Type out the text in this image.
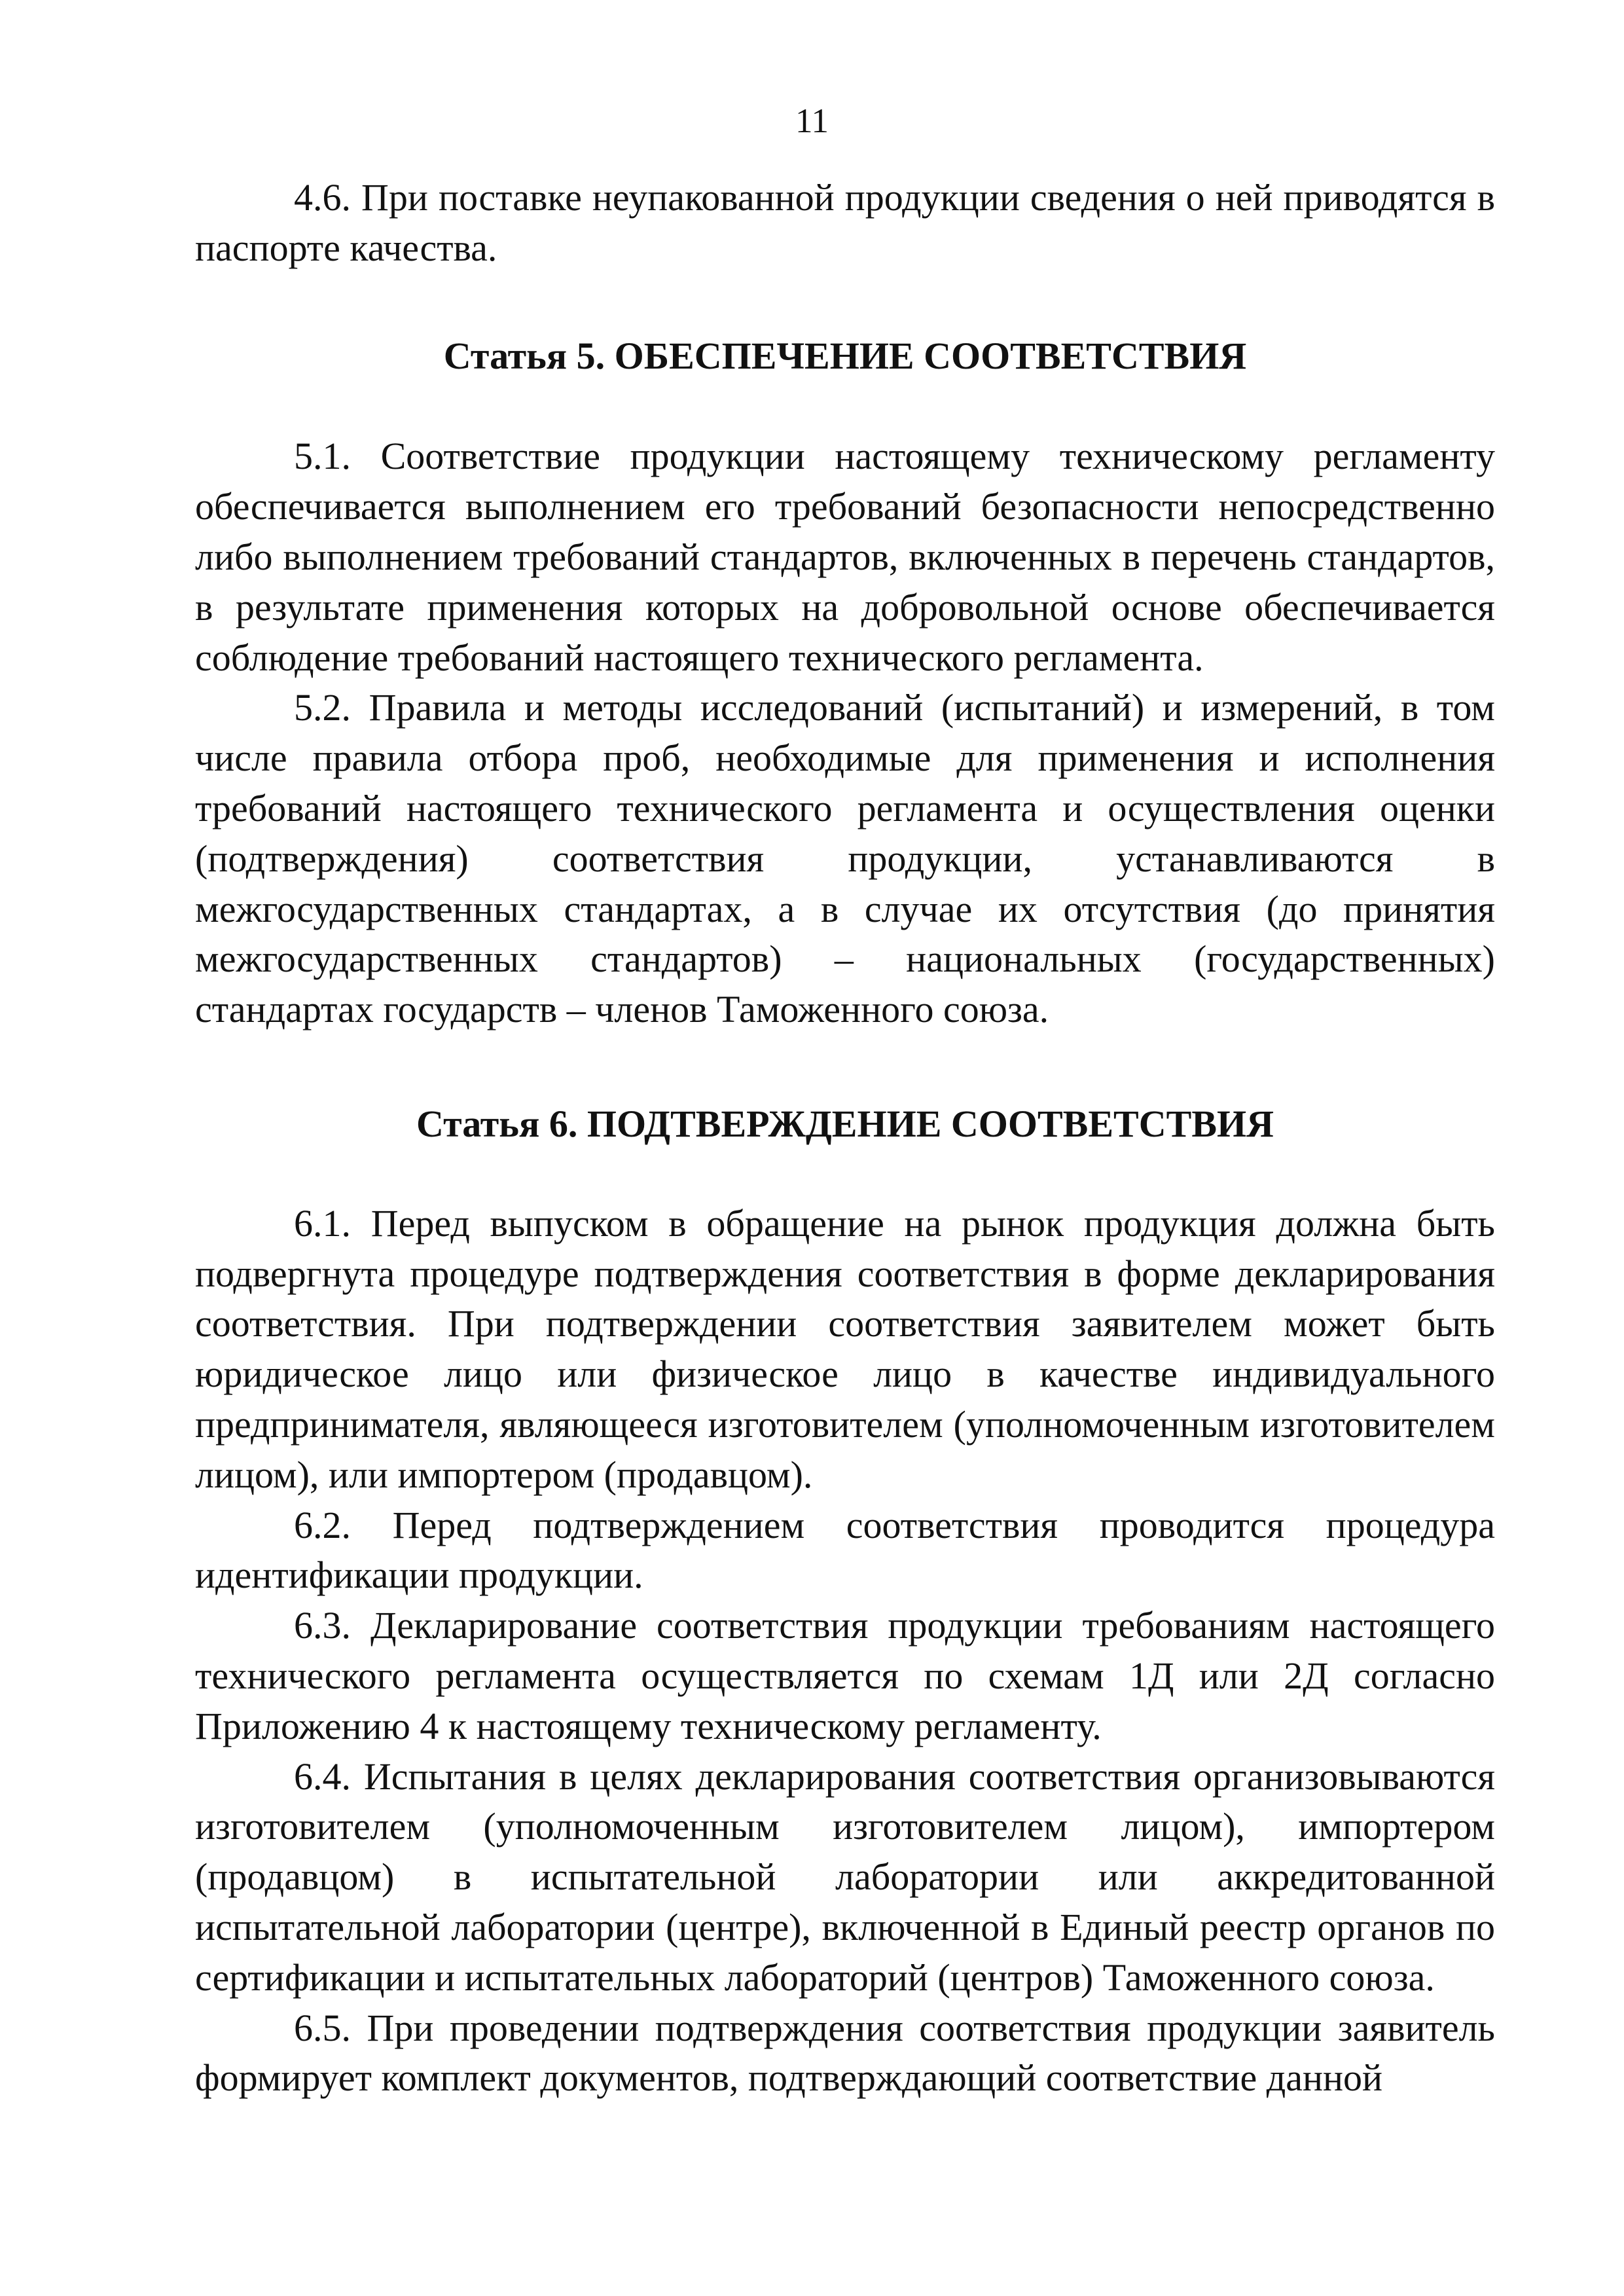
11

4.6. При поставке неупакованной продукции сведения о ней приводятся в паспорте качества.

Статья 5. ОБЕСПЕЧЕНИЕ СООТВЕТСТВИЯ

5.1. Соответствие продукции настоящему техническому регламенту обеспечивается выполнением его требований безопасности непосредственно либо выполнением требований стандартов, включенных в перечень стандартов, в результате применения которых на добровольной основе обеспечивается соблюдение требований настоящего технического регламента.

5.2. Правила и методы исследований (испытаний) и измерений, в том числе правила отбора проб, необходимые для применения и исполнения требований настоящего технического регламента и осуществления оценки (подтверждения) соответствия продукции, устанавливаются в межгосударственных стандартах, а в случае их отсутствия (до принятия межгосударственных стандартов) – национальных (государственных) стандартах государств – членов Таможенного союза.

Статья 6. ПОДТВЕРЖДЕНИЕ СООТВЕТСТВИЯ

6.1. Перед выпуском в обращение на рынок продукция должна быть подвергнута процедуре подтверждения соответствия в форме декларирования соответствия. При подтверждении соответствия заявителем может быть юридическое лицо или физическое лицо в качестве индивидуального предпринимателя, являющееся изготовителем (уполномоченным изготовителем лицом), или импортером (продавцом).

6.2. Перед подтверждением соответствия проводится процедура идентификации продукции.

6.3. Декларирование соответствия продукции требованиям настоящего технического регламента осуществляется по схемам 1Д или 2Д согласно Приложению 4 к настоящему техническому регламенту.

6.4. Испытания в целях декларирования соответствия организовываются изготовителем (уполномоченным изготовителем лицом), импортером (продавцом) в испытательной лаборатории или аккредитованной испытательной лаборатории (центре), включенной в Единый реестр органов по сертификации и испытательных лабораторий (центров) Таможенного союза.

6.5. При проведении подтверждения соответствия продукции заявитель формирует комплект документов, подтверждающий соответствие данной
